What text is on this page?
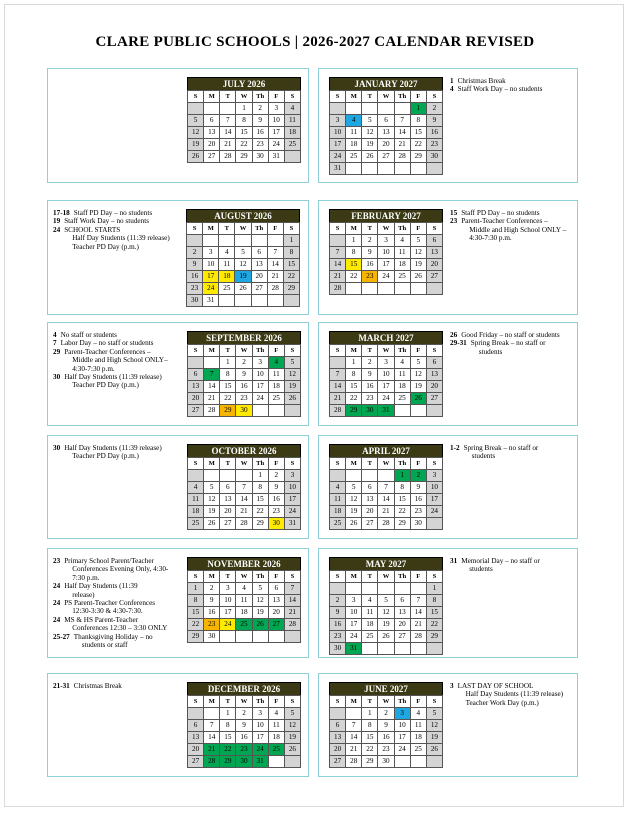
CLARE PUBLIC SCHOOLS | 2026-2027 CALENDAR REVISED
JULY 2026
S	M	T	W	Th	F	S
			1	2	3	4
5	6	7	8	9	10	11
12	13	14	15	16	17	18
19	20	21	22	23	24	25
26	27	28	29	30	31	
JANUARY 2027
S	M	T	W	Th	F	S
					1	2
3	4	5	6	7	8	9
10	11	12	13	14	15	16
17	18	19	20	21	22	23
24	25	26	27	28	29	30
31						
AUGUST 2026
S	M	T	W	Th	F	S
						1
2	3	4	5	6	7	8
9	10	11	12	13	14	15
16	17	18	19	20	21	22
23	24	25	26	27	28	29
30	31					
FEBRUARY 2027
S	M	T	W	Th	F	S
	1	2	3	4	5	6
7	8	9	10	11	12	13
14	15	16	17	18	19	20
21	22	23	24	25	26	27
28						
SEPTEMBER 2026
S	M	T	W	Th	F	S
		1	2	3	4	5
6	7	8	9	10	11	12
13	14	15	16	17	18	19
20	21	22	23	24	25	26
27	28	29	30			
MARCH 2027
S	M	T	W	Th	F	S
	1	2	3	4	5	6
7	8	9	10	11	12	13
14	15	16	17	18	19	20
21	22	23	24	25	26	27
28	29	30	31			
OCTOBER 2026
S	M	T	W	Th	F	S
				1	2	3
4	5	6	7	8	9	10
11	12	13	14	15	16	17
18	19	20	21	22	23	24
25	26	27	28	29	30	31
APRIL 2027
S	M	T	W	Th	F	S
				1	2	3
4	5	6	7	8	9	10
11	12	13	14	15	16	17
18	19	20	21	22	23	24
25	26	27	28	29	30	
NOVEMBER 2026
S	M	T	W	Th	F	S
1	2	3	4	5	6	7
8	9	10	11	12	13	14
15	16	17	18	19	20	21
22	23	24	25	26	27	28
29	30					
MAY 2027
S	M	T	W	Th	F	S
						1
2	3	4	5	6	7	8
9	10	11	12	13	14	15
16	17	18	19	20	21	22
23	24	25	26	27	28	29
30	31					
DECEMBER 2026
S	M	T	W	Th	F	S
		1	2	3	4	5
6	7	8	9	10	11	12
13	14	15	16	17	18	19
20	21	22	23	24	25	26
27	28	29	30	31		
JUNE 2027
S	M	T	W	Th	F	S
		1	2	3	4	5
6	7	8	9	10	11	12
13	14	15	16	17	18	19
20	21	22	23	24	25	26
27	28	29	30			
1 Christmas Break
4 Staff Work Day – no students
17-18 Staff PD Day – no students
19 Staff Work Day – no students
24 SCHOOL STARTS
Half Day Students (11:39 release)
Teacher PD Day (p.m.)
15 Staff PD Day – no students
23 Parent-Teacher Conferences –
Middle and High School ONLY –
4:30-7:30 p.m.
4 No staff or students
7 Labor Day – no staff or students
29 Parent-Teacher Conferences –
Middle and High School ONLY–
4:30-7:30 p.m.
30 Half Day Students (11:39 release)
Teacher PD Day (p.m.)
26 Good Friday – no staff or students
29-31 Spring Break – no staff or
students
30 Half Day Students (11:39 release)
Teacher PD Day (p.m.)
1-2 Spring Break – no staff or
students
23 Primary School Parent/Teacher
Conferences Evening Only, 4:30-
7:30 p.m.
24 Half Day Students (11:39
release)
24 PS Parent-Teacher Conferences
12:30-3:30 & 4:30-7:30.
24 MS & HS Parent-Teacher
Conferences 12:30 – 3:30 ONLY
25-27 Thanksgiving Holiday – no
students or staff
31 Memorial Day – no staff or
students
21-31 Christmas Break	3 LAST DAY OF SCHOOL
Half Day Students (11:39 release)
Teacher Work Day (p.m.)
